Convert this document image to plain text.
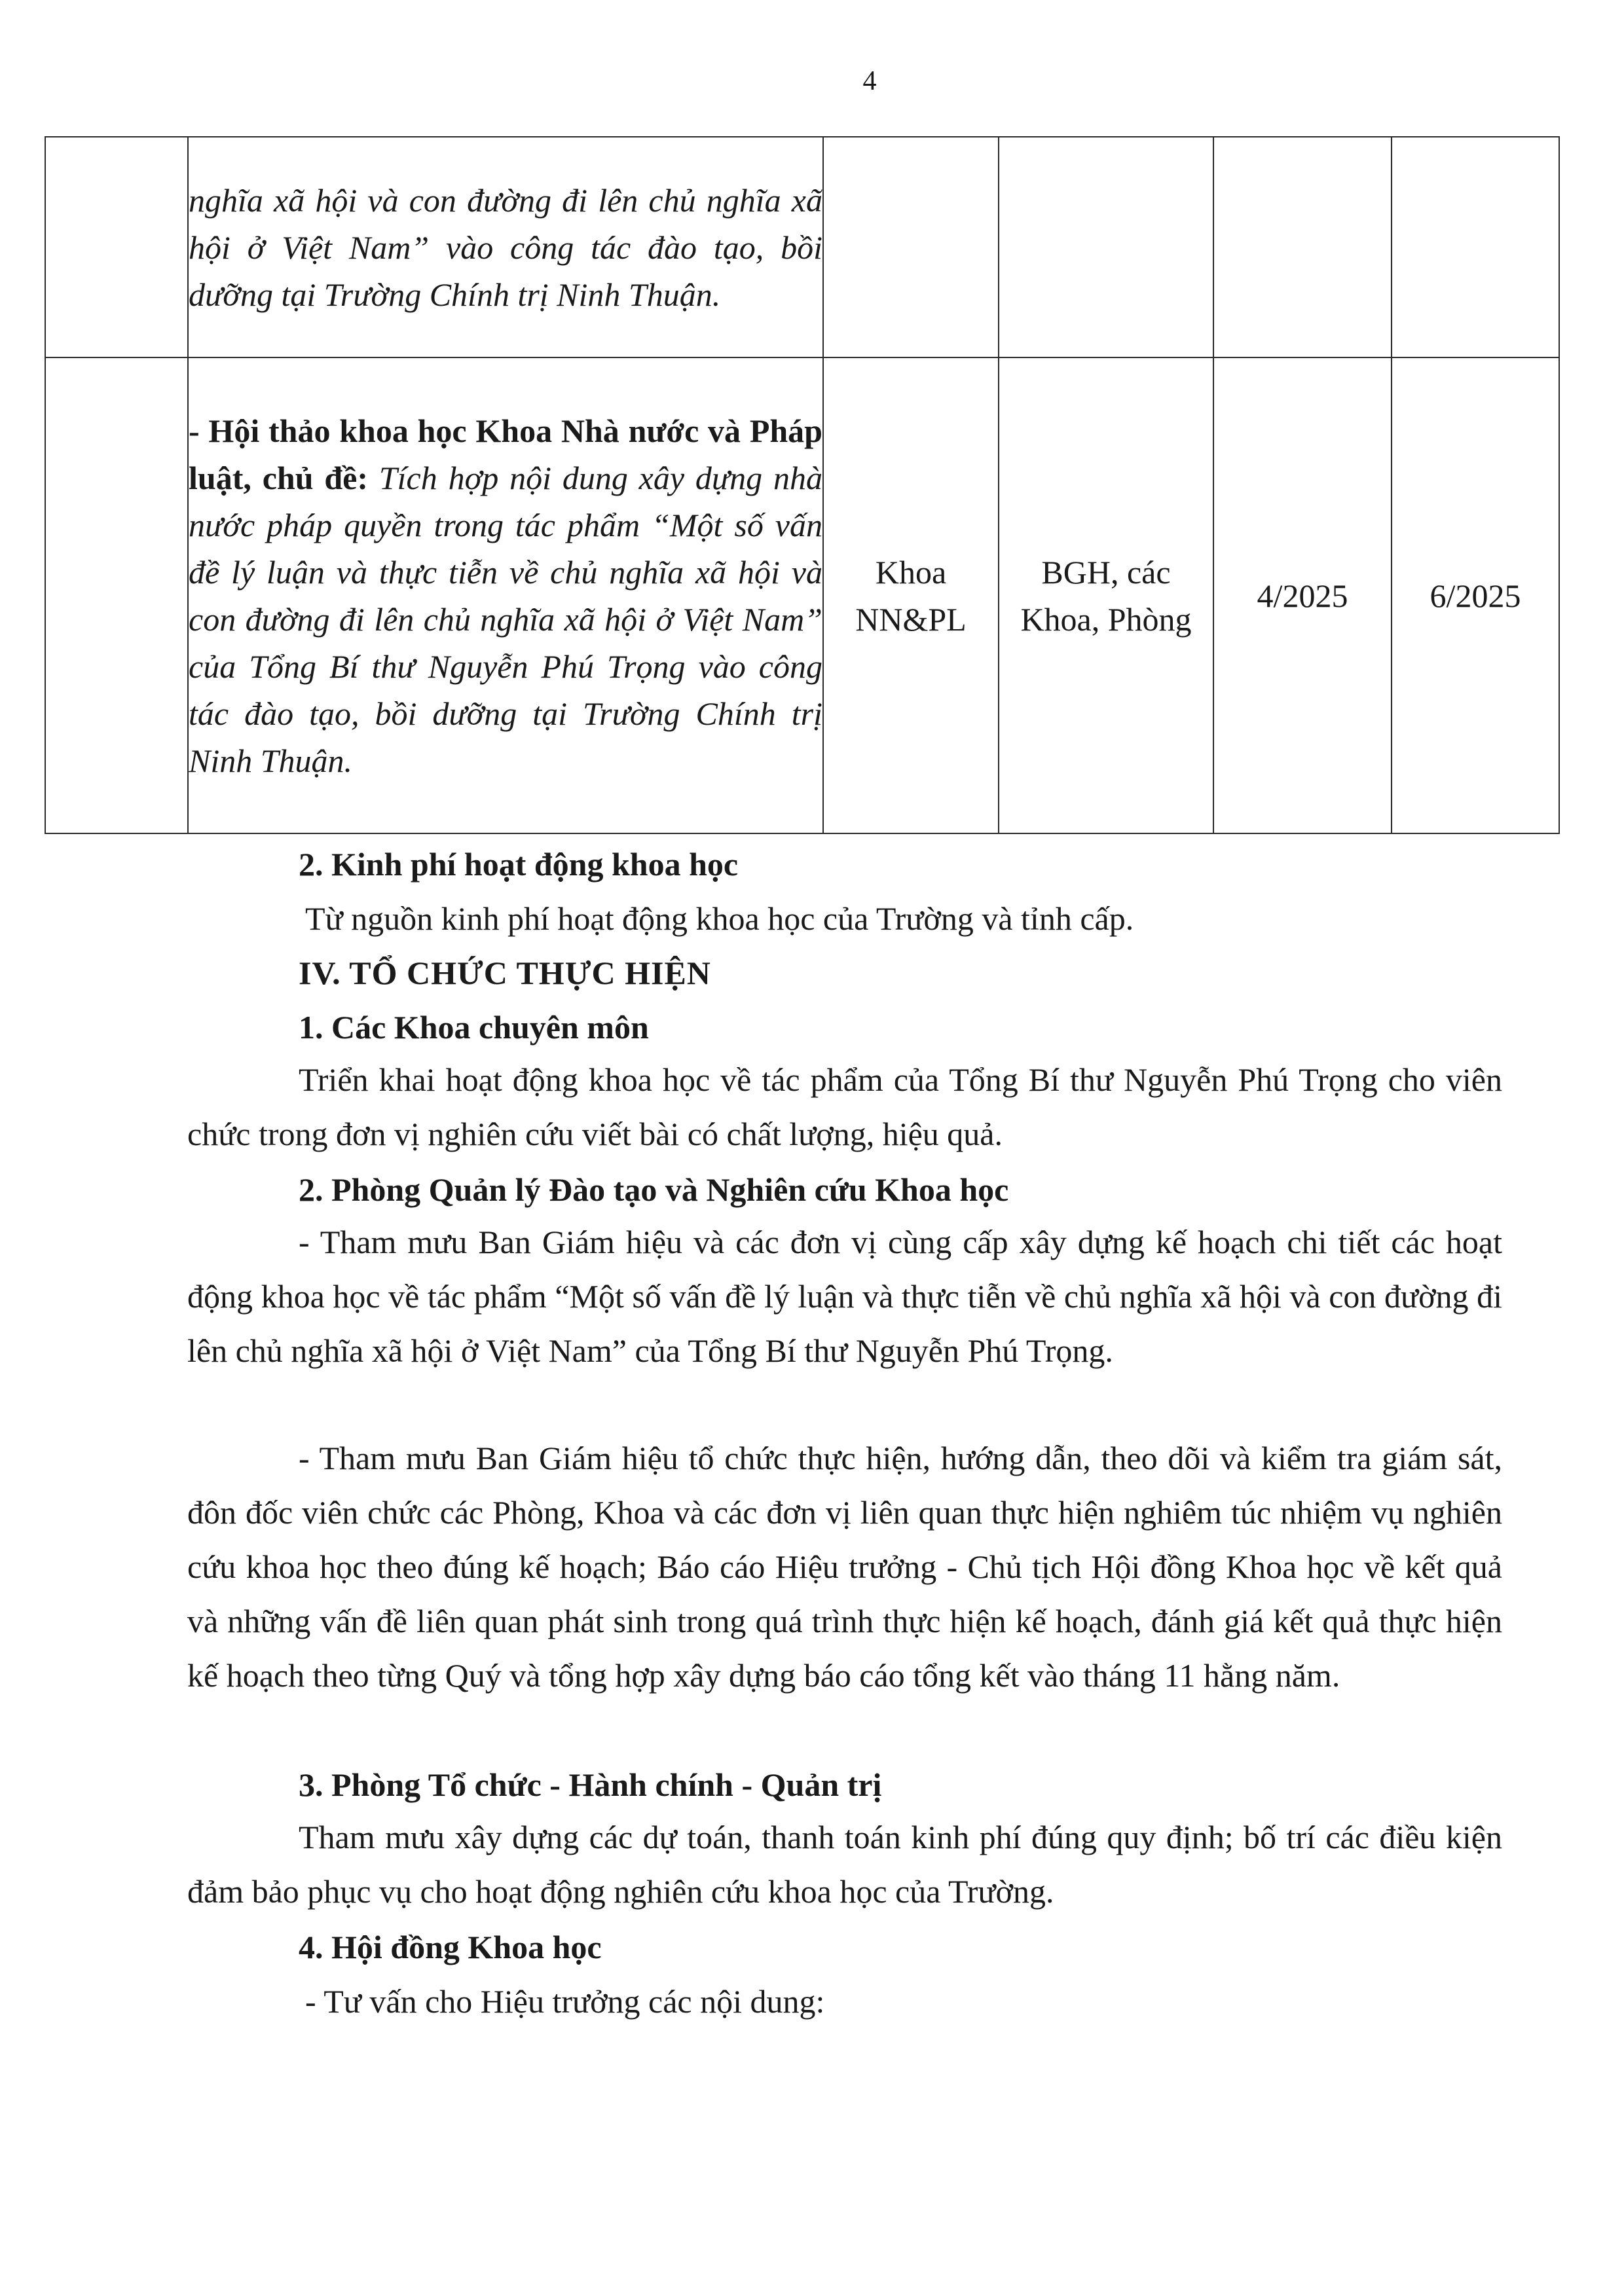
4
	nghĩa xã hội và con đường đi lên chủ nghĩa xã hội ở Việt Nam” vào công tác đào tạo, bồi dưỡng tại Trường Chính trị Ninh Thuận.				
	- Hội thảo khoa học Khoa Nhà nước và Pháp luật, chủ đề: Tích hợp nội dung xây dựng nhà nước pháp quyền trong tác phẩm “Một số vấn đề lý luận và thực tiễn về chủ nghĩa xã hội và con đường đi lên chủ nghĩa xã hội ở Việt Nam” của Tổng Bí thư Nguyễn Phú Trọng vào công tác đào tạo, bồi dưỡng tại Trường Chính trị Ninh Thuận.	Khoa NN&PL	BGH, các Khoa, Phòng	4/2025	6/2025
2. Kinh phí hoạt động khoa học
Từ nguồn kinh phí hoạt động khoa học của Trường và tỉnh cấp.
IV. TỔ CHỨC THỰC HIỆN
1. Các Khoa chuyên môn
Triển khai hoạt động khoa học về tác phẩm của Tổng Bí thư Nguyễn Phú Trọng cho viên chức trong đơn vị nghiên cứu viết bài có chất lượng, hiệu quả.
2. Phòng Quản lý Đào tạo và Nghiên cứu Khoa học
- Tham mưu Ban Giám hiệu và các đơn vị cùng cấp xây dựng kế hoạch chi tiết các hoạt động khoa học về tác phẩm “Một số vấn đề lý luận và thực tiễn về chủ nghĩa xã hội và con đường đi lên chủ nghĩa xã hội ở Việt Nam” của Tổng Bí thư Nguyễn Phú Trọng.
- Tham mưu Ban Giám hiệu tổ chức thực hiện, hướng dẫn, theo dõi và kiểm tra giám sát, đôn đốc viên chức các Phòng, Khoa và các đơn vị liên quan thực hiện nghiêm túc nhiệm vụ nghiên cứu khoa học theo đúng kế hoạch; Báo cáo Hiệu trưởng - Chủ tịch Hội đồng Khoa học về kết quả và những vấn đề liên quan phát sinh trong quá trình thực hiện kế hoạch, đánh giá kết quả thực hiện kế hoạch theo từng Quý và tổng hợp xây dựng báo cáo tổng kết vào tháng 11 hằng năm.
3. Phòng Tổ chức - Hành chính - Quản trị
Tham mưu xây dựng các dự toán, thanh toán kinh phí đúng quy định; bố trí các điều kiện đảm bảo phục vụ cho hoạt động nghiên cứu khoa học của Trường.
4. Hội đồng Khoa học
- Tư vấn cho Hiệu trưởng các nội dung:
